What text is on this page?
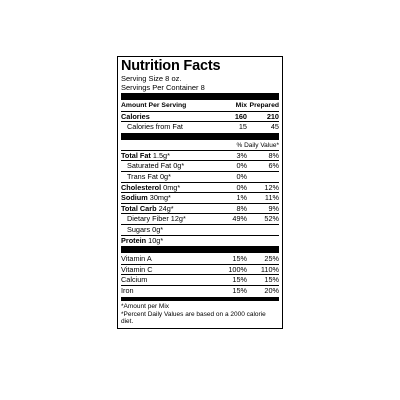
Nutrition Facts
Serving Size 8 oz.
Servings Per Container 8
Amount Per Serving	Mix Prepared
Calories	160	210
Calories from Fat	15	45
% Daily Value*
Total Fat 1.5g*	3%	8%
Saturated Fat 0g*	0%	6%
Trans Fat 0g*	0%
Cholesterol 0mg*	0%	12%
Sodium 30mg*	1%	11%
Total Carb 24g*	8%	9%
Dietary Fiber 12g*	49%	52%
Sugars 0g*
Protein 10g*
Vitamin A	15%	25%
Vitamin C	100%	110%
Calcium	15%	15%
Iron	15%	20%
*Amount per Mix
*Percent Daily Values are based on a 2000 calorie diet.
